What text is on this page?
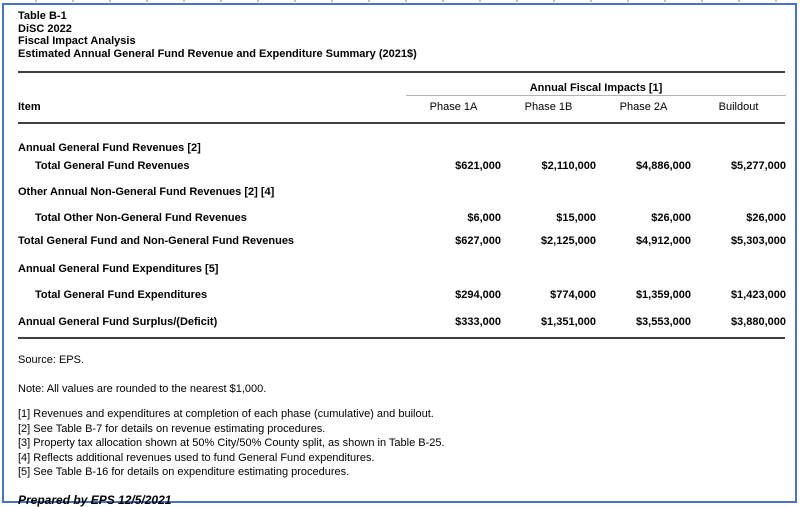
Table B-1
DiSC 2022
Fiscal Impact Analysis
Estimated Annual General Fund Revenue and Expenditure Summary (2021$)
	Annual Fiscal Impacts [1]			
Item	Phase 1A	Phase 1B	Phase 2A	Buildout
Annual General Fund Revenues [2]				
Total General Fund Revenues	$621,000	$2,110,000	$4,886,000	$5,277,000
Other Annual Non-General Fund Revenues [2] [4]				
Total Other Non-General Fund Revenues	$6,000	$15,000	$26,000	$26,000
Total General Fund and Non-General Fund Revenues	$627,000	$2,125,000	$4,912,000	$5,303,000
Annual General Fund Expenditures [5]				
Total General Fund Expenditures	$294,000	$774,000	$1,359,000	$1,423,000
Annual General Fund Surplus/(Deficit)	$333,000	$1,351,000	$3,553,000	$3,880,000
Source: EPS.
Note: All values are rounded to the nearest $1,000.
[1] Revenues and expenditures at completion of each phase (cumulative) and builout.
[2] See Table B-7 for details on revenue estimating procedures.
[3] Property tax allocation shown at 50% City/50% County split, as shown in Table B-25.
[4] Reflects additional revenues used to fund General Fund expenditures.
[5] See Table B-16 for details on expenditure estimating procedures.
Prepared by EPS 12/5/2021
